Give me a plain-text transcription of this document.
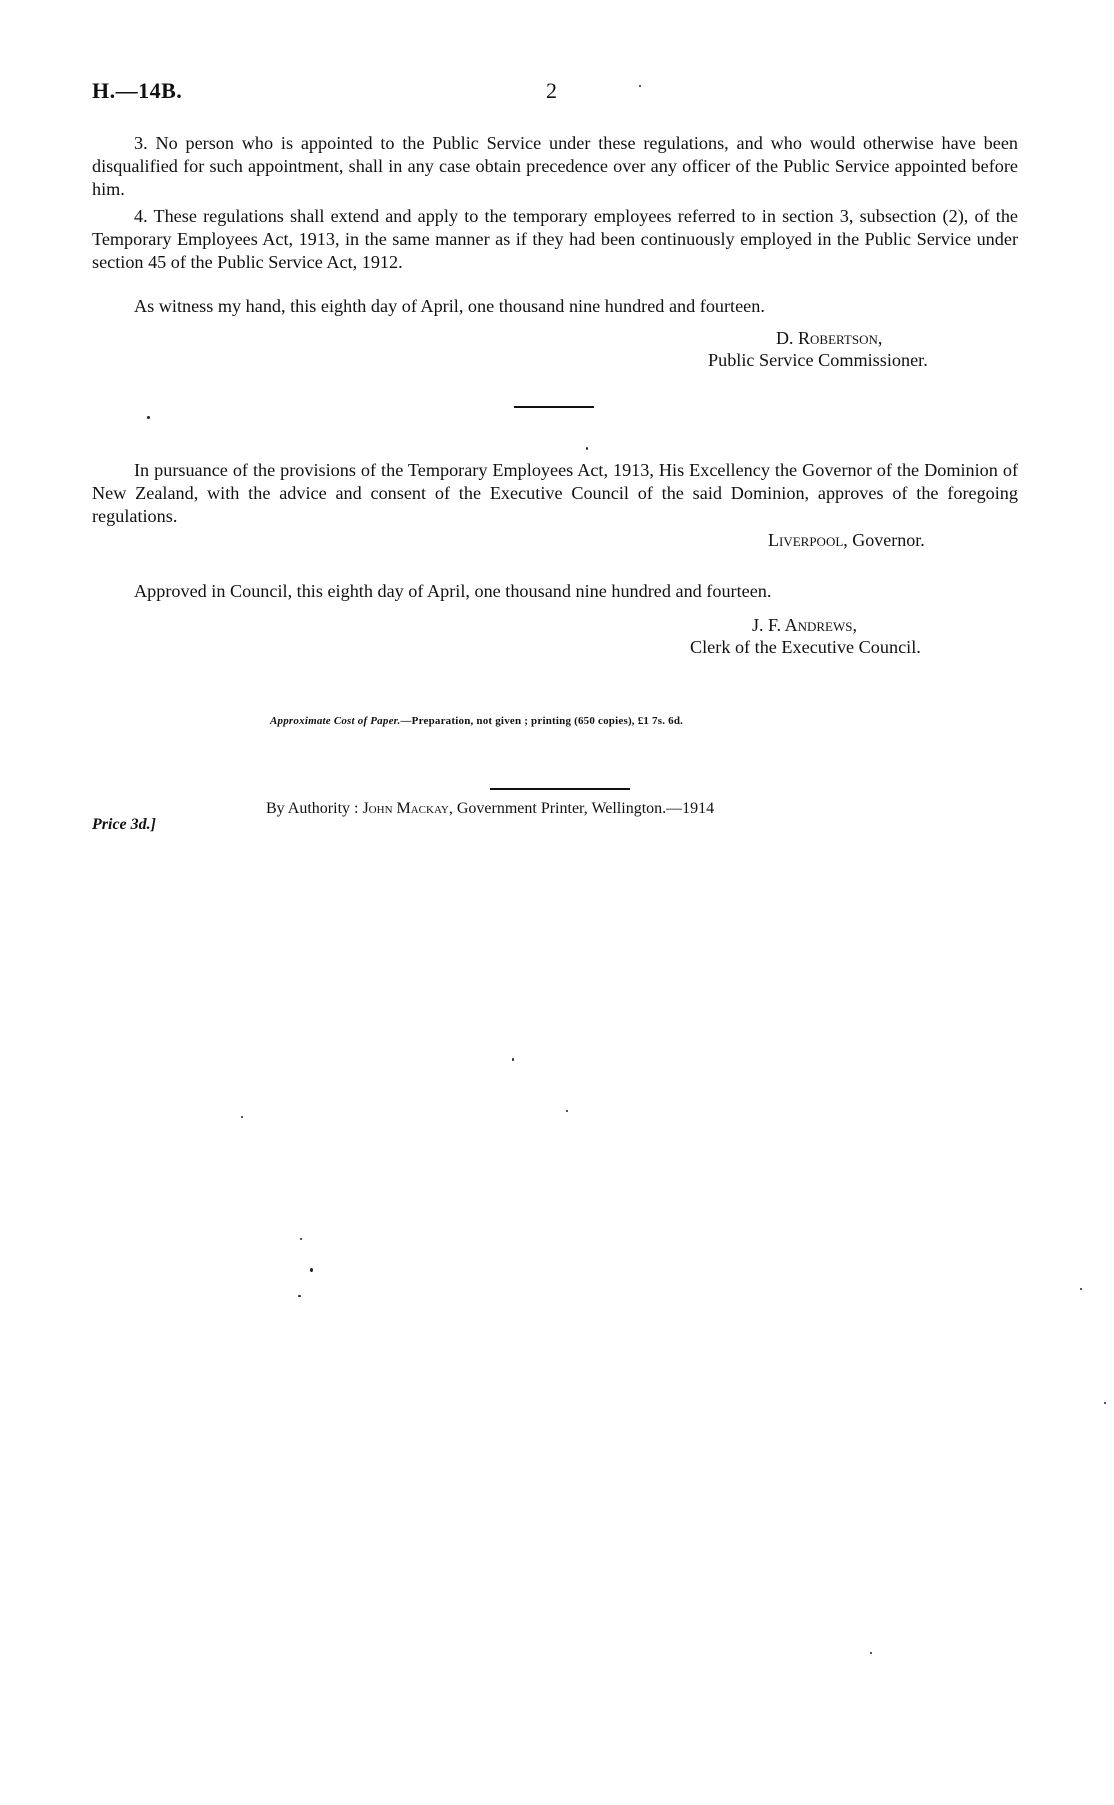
H.—14B.	2
3. No person who is appointed to the Public Service under these regulations, and who would otherwise have been disqualified for such appointment, shall in any case obtain precedence over any officer of the Public Service appointed before him.
4. These regulations shall extend and apply to the temporary employees referred to in section 3, subsection (2), of the Temporary Employees Act, 1913, in the same manner as if they had been continuously employed in the Public Service under section 45 of the Public Service Act, 1912.
As witness my hand, this eighth day of April, one thousand nine hundred and fourteen.
D. Robertson,
Public Service Commissioner.
In pursuance of the provisions of the Temporary Employees Act, 1913, His Excellency the Governor of the Dominion of New Zealand, with the advice and consent of the Executive Council of the said Dominion, approves of the foregoing regulations.
Liverpool, Governor.
Approved in Council, this eighth day of April, one thousand nine hundred and fourteen.
J. F. Andrews,
Clerk of the Executive Council.
Approximate Cost of Paper.—Preparation, not given ; printing (650 copies), £1 7s. 6d.
By Authority : John Mackay, Government Printer, Wellington.—1914
Price 3d.]
